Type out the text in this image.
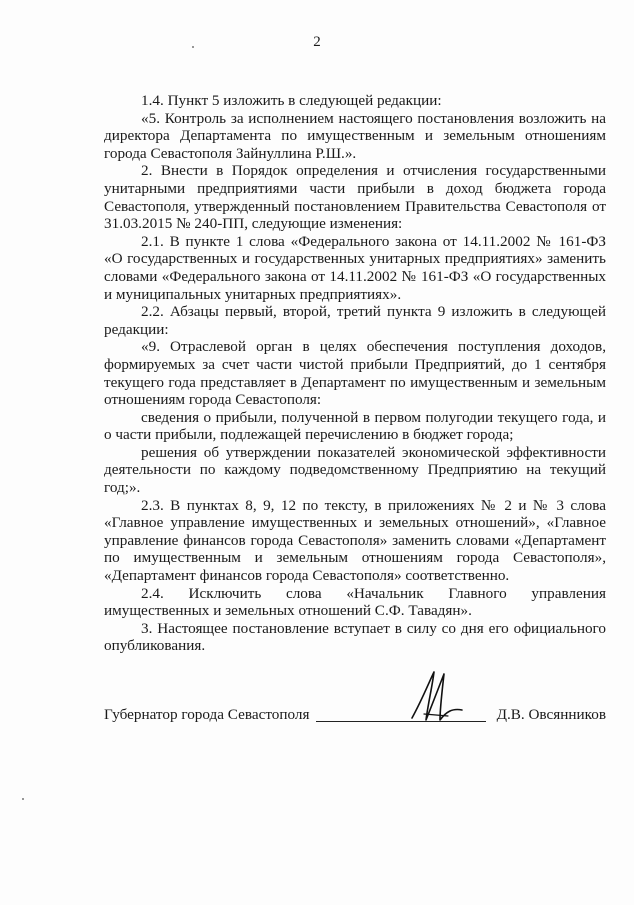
2

1.4. Пункт 5 изложить в следующей редакции:

«5. Контроль за исполнением настоящего постановления возложить на директора Департамента по имущественным и земельным отношениям города Севастополя Зайнуллина Р.Ш.».

2. Внести в Порядок определения и отчисления государственными унитарными предприятиями части прибыли в доход бюджета города Севастополя, утвержденный постановлением Правительства Севастополя от 31.03.2015 № 240-ПП, следующие изменения:

2.1. В пункте 1 слова «Федерального закона от 14.11.2002 № 161-ФЗ «О государственных и государственных унитарных предприятиях» заменить словами «Федерального закона от 14.11.2002 № 161-ФЗ «О государственных и муниципальных унитарных предприятиях».

2.2. Абзацы первый, второй, третий пункта 9 изложить в следующей редакции:

«9. Отраслевой орган в целях обеспечения поступления доходов, формируемых за счет части чистой прибыли Предприятий, до 1 сентября текущего года представляет в Департамент по имущественным и земельным отношениям города Севастополя:

сведения о прибыли, полученной в первом полугодии текущего года, и о части прибыли, подлежащей перечислению в бюджет города;

решения об утверждении показателей экономической эффективности деятельности по каждому подведомственному Предприятию на текущий год;».

2.3. В пунктах 8, 9, 12 по тексту, в приложениях № 2 и № 3 слова «Главное управление имущественных и земельных отношений», «Главное управление финансов города Севастополя» заменить словами «Департамент по имущественным и земельным отношениям города Севастополя», «Департамент финансов города Севастополя» соответственно.

2.4. Исключить слова «Начальник Главного управления имущественных и земельных отношений С.Ф. Тавадян».

3. Настоящее постановление вступает в силу со дня его официального опубликования.

Губернатор города Севастополя	Д.В. Овсянников
